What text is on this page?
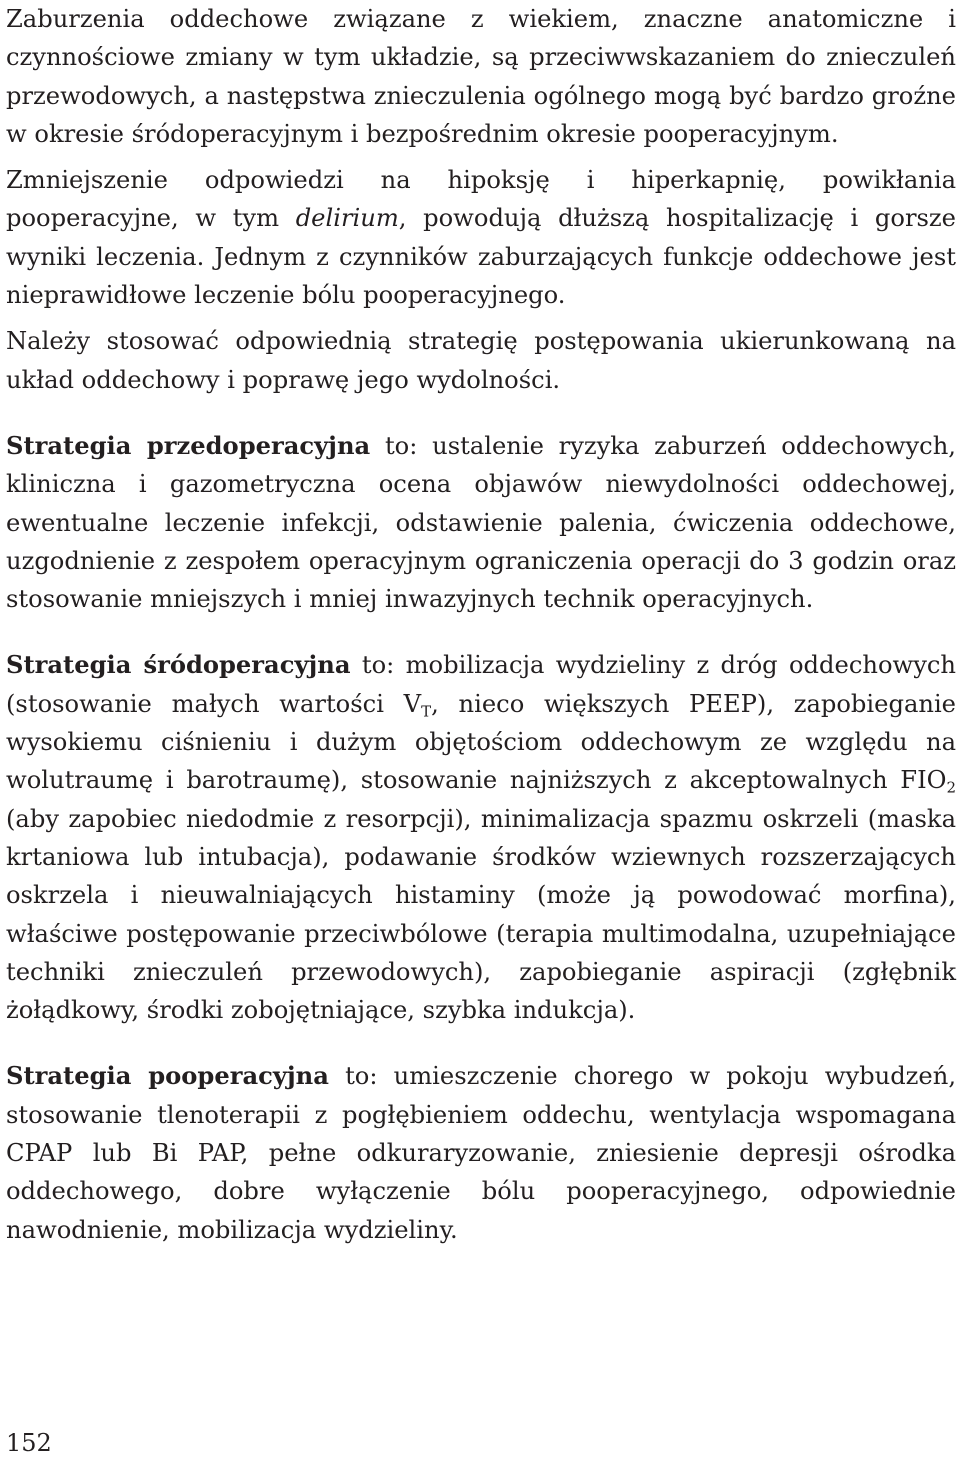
Zaburzenia oddechowe związane z wiekiem, znaczne anatomiczne i czynnościowe zmiany w tym układzie, są przeciwwskazaniem do znieczuleń przewodowych, a następstwa znieczulenia ogólnego mogą być bardzo groźne w okresie śródoperacyjnym i bezpośrednim okresie pooperacyjnym.

Zmniejszenie odpowiedzi na hipoksję i hiperkapnię, powikłania pooperacyjne, w tym delirium, powodują dłuższą hospitalizację i gorsze wyniki leczenia. Jednym z czynników zaburzających funkcje oddechowe jest nieprawidłowe leczenie bólu pooperacyjnego.

Należy stosować odpowiednią strategię postępowania ukierunkowaną na układ oddechowy i poprawę jego wydolności.

Strategia przedoperacyjna to: ustalenie ryzyka zaburzeń oddechowych, kliniczna i gazometryczna ocena objawów niewydolności oddechowej, ewentualne leczenie infekcji, odstawienie palenia, ćwiczenia oddechowe, uzgodnienie z zespołem operacyjnym ograniczenia operacji do 3 godzin oraz stosowanie mniejszych i mniej inwazyjnych technik operacyjnych.

Strategia śródoperacyjna to: mobilizacja wydzieliny z dróg oddechowych (stosowanie małych wartości $V_T$, nieco większych PEEP), zapobieganie wysokiemu ciśnieniu i dużym objętościom oddechowym ze względu na wolutraumę i barotraumę), stosowanie najniższych z akceptowalnych $FIO_2$ (aby zapobiec niedodmie z resorpcji), minimalizacja spazmu oskrzeli (maska krtaniowa lub intubacja), podawanie środków wziewnych rozszerzających oskrzela i nieuwalniających histaminy (może ją powodować morfina), właściwe postępowanie przeciwbólowe (terapia multimodalna, uzupełniające techniki znieczuleń przewodowych), zapobieganie aspiracji (zgłębnik żołądkowy, środki zobojętniające, szybka indukcja).

Strategia pooperacyjna to: umieszczenie chorego w pokoju wybudzeń, stosowanie tlenoterapii z pogłębieniem oddechu, wentylacja wspomagana CPAP lub Bi PAP, pełne odkuraryzowanie, zniesienie depresji ośrodka oddechowego, dobre wyłączenie bólu pooperacyjnego, odpowiednie nawodnienie, mobilizacja wydzieliny.

152
